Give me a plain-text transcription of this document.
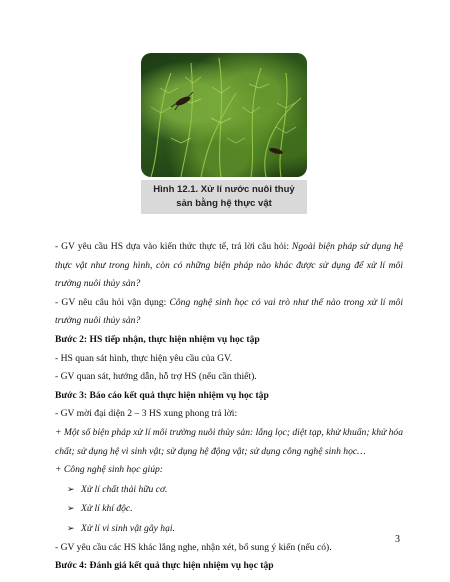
Hình 12.1. Xử lí nước nuôi thuỷ
sản bằng hệ thực vật

- GV yêu cầu HS dựa vào kiến thức thực tế, trả lời câu hỏi: Ngoài biện pháp sử dụng hệ thực vật như trong hình, còn có những biện pháp nào khác được sử dụng để xử lí môi trường nuôi thủy sản?

- GV nêu câu hỏi vận dụng: Công nghệ sinh học có vai trò như thế nào trong xử lí môi trường nuôi thủy sản?

Bước 2: HS tiếp nhận, thực hiện nhiệm vụ học tập

- HS quan sát hình, thực hiện yêu cầu của GV.

- GV quan sát, hướng dẫn, hỗ trợ HS (nếu cần thiết).

Bước 3: Báo cáo kết quả thực hiện nhiệm vụ học tập

- GV mời đại diện 2 – 3 HS xung phong trả lời:

+ Một số biện pháp xử lí môi trường nuôi thủy sản: lắng lọc; diệt tạp, khử khuẩn; khử hóa chất; sử dụng hệ vi sinh vật; sử dụng hệ động vật; sử dụng công nghệ sinh học…

+ Công nghệ sinh học giúp:

➢ Xử lí chất thải hữu cơ.

➢ Xử lí khí độc.

➢ Xử lí vi sinh vật gây hại.

- GV yêu cầu các HS khác lắng nghe, nhận xét, bổ sung ý kiến (nếu có).

Bước 4: Đánh giá kết quả thực hiện nhiệm vụ học tập

3
